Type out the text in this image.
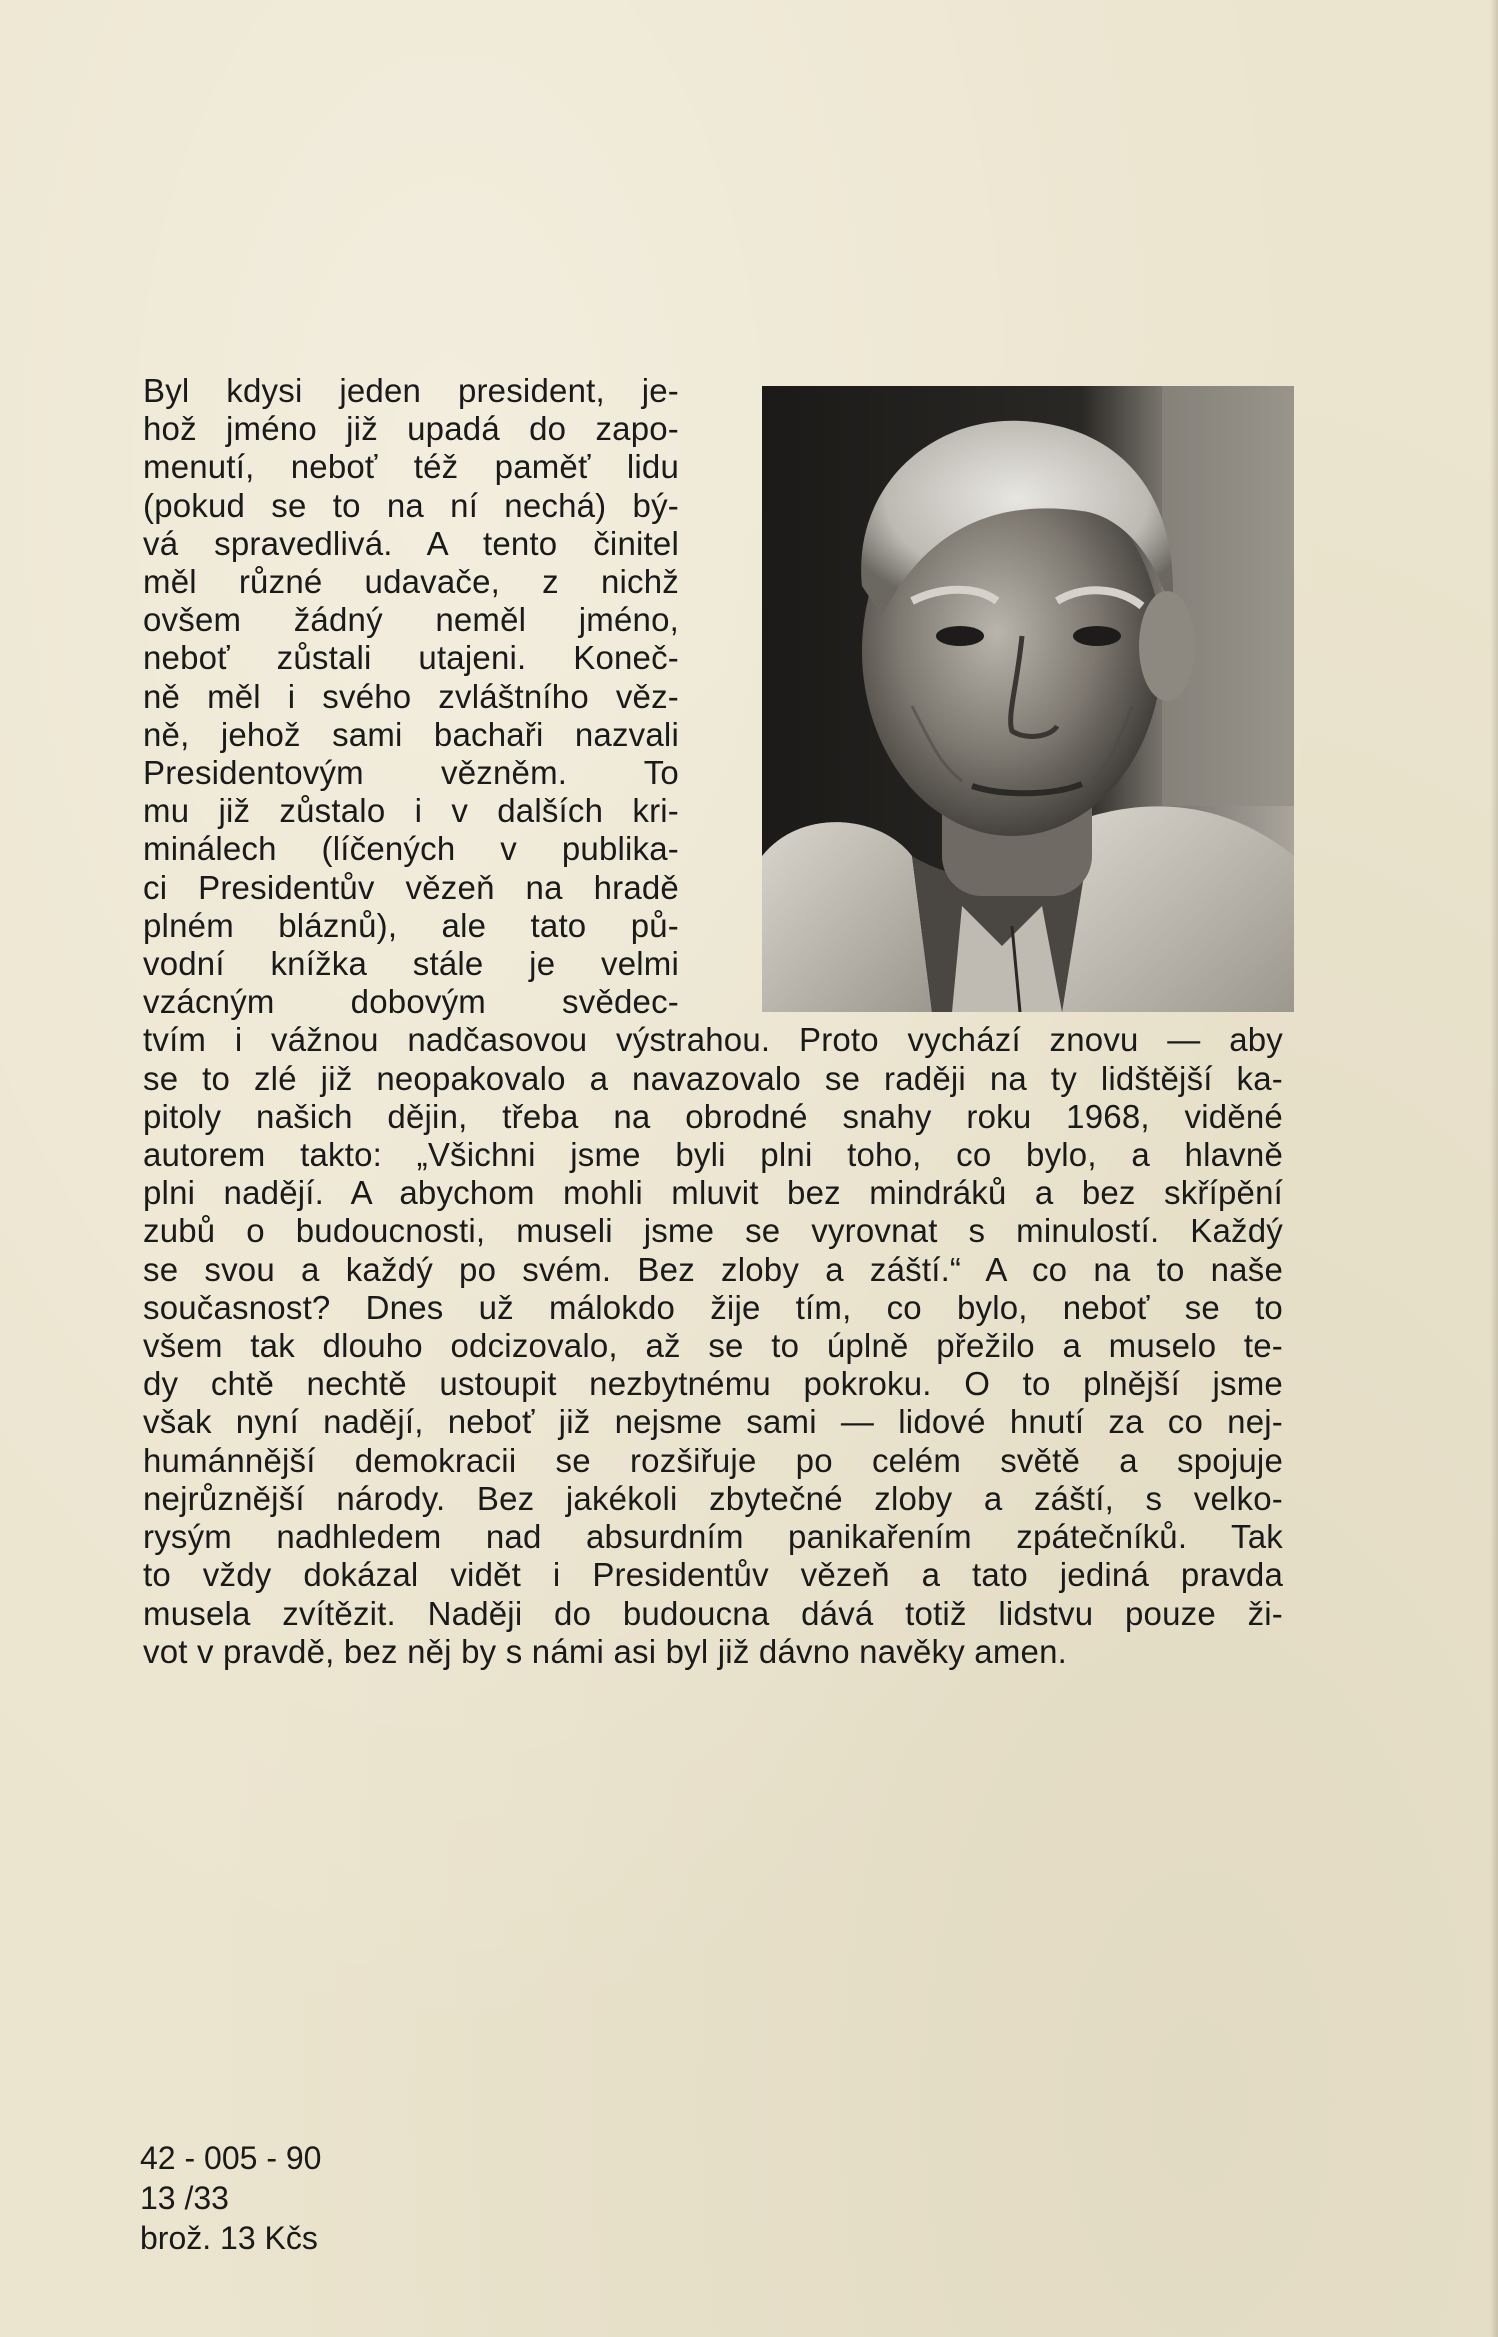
Byl kdysi jeden president, je-
hož jméno již upadá do zapo-
menutí, neboť též paměť lidu
(pokud se to na ní nechá) bý-
vá spravedlivá. A tento činitel
měl různé udavače, z nichž
ovšem žádný neměl jméno,
neboť zůstali utajeni. Koneč-
ně měl i svého zvláštního věz-
ně, jehož sami bachaři nazvali
Presidentovým vězněm. To
mu již zůstalo i v dalších kri-
minálech (líčených v publika-
ci Presidentův vězeň na hradě
plném bláznů), ale tato pů-
vodní knížka stále je velmi
vzácným dobovým svědec-
tvím i vážnou nadčasovou výstrahou. Proto vychází znovu — aby
se to zlé již neopakovalo a navazovalo se raději na ty lidštější ka-
pitoly našich dějin, třeba na obrodné snahy roku 1968, viděné
autorem takto: „Všichni jsme byli plni toho, co bylo, a hlavně
plni nadějí. A abychom mohli mluvit bez mindráků a bez skřípění
zubů o budoucnosti, museli jsme se vyrovnat s minulostí. Každý
se svou a každý po svém. Bez zloby a záští.“ A co na to naše
současnost? Dnes už málokdo žije tím, co bylo, neboť se to
všem tak dlouho odcizovalo, až se to úplně přežilo a muselo te-
dy chtě nechtě ustoupit nezbytnému pokroku. O to plnější jsme
však nyní nadějí, neboť již nejsme sami — lidové hnutí za co nej-
humánnější demokracii se rozšiřuje po celém světě a spojuje
nejrůznější národy. Bez jakékoli zbytečné zloby a záští, s velko-
rysým nadhledem nad absurdním panikařením zpátečníků. Tak
to vždy dokázal vidět i Presidentův vězeň a tato jediná pravda
musela zvítězit. Naději do budoucna dává totiž lidstvu pouze ži-
vot v pravdě, bez něj by s námi asi byl již dávno navěky amen.
42 - 005 - 90
13 /33
brož. 13 Kčs
